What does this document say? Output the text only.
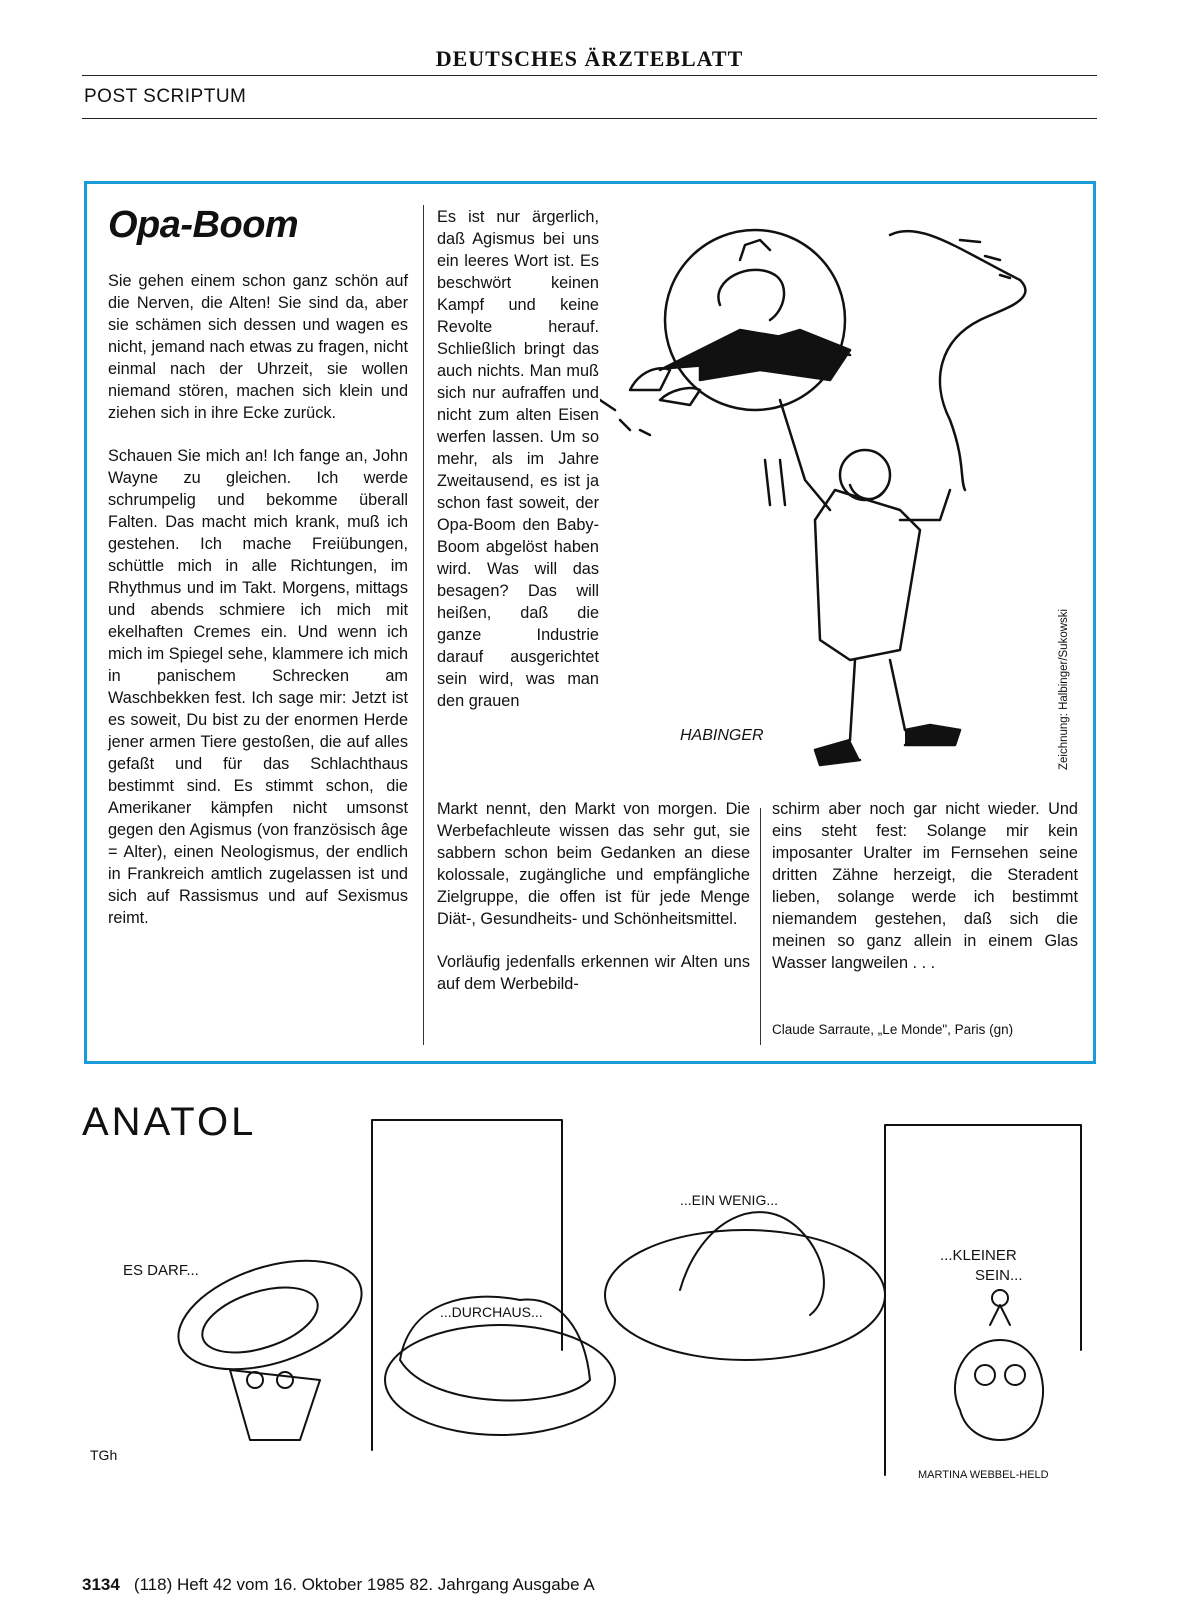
DEUTSCHES ÄRZTEBLATT
POST SCRIPTUM
Opa-Boom

Sie gehen einem schon ganz schön auf die Nerven, die Alten! Sie sind da, aber sie schämen sich dessen und wagen es nicht, jemand nach etwas zu fragen, nicht einmal nach der Uhrzeit, sie wollen niemand stören, machen sich klein und ziehen sich in ihre Ecke zurück.

Schauen Sie mich an! Ich fange an, John Wayne zu gleichen. Ich werde schrumpelig und bekomme überall Falten. Das macht mich krank, muß ich gestehen. Ich mache Freiübungen, schüttle mich in alle Richtungen, im Rhythmus und im Takt. Morgens, mittags und abends schmiere ich mich mit ekelhaften Cremes ein. Und wenn ich mich im Spiegel sehe, klammere ich mich in panischem Schrecken am Waschbekken fest. Ich sage mir: Jetzt ist es soweit, Du bist zu der enormen Herde jener armen Tiere gestoßen, die auf alles gefaßt und für das Schlachthaus bestimmt sind. Es stimmt schon, die Amerikaner kämpfen nicht umsonst gegen den Agismus (von französisch âge = Alter), einen Neologismus, der endlich in Frankreich amtlich zugelassen ist und sich auf Rassismus und auf Sexismus reimt.

Es ist nur ärgerlich, daß Agismus bei uns ein leeres Wort ist. Es beschwört keinen Kampf und keine Revolte herauf. Schließlich bringt das auch nichts. Man muß sich nur aufraffen und nicht zum alten Eisen werfen lassen. Um so mehr, als im Jahre Zweitausend, es ist ja schon fast soweit, der Opa-Boom den Baby-Boom abgelöst haben wird. Was will das besagen? Das will heißen, daß die ganze Industrie darauf ausgerichtet sein wird, was man den grauen

Markt nennt, den Markt von morgen. Die Werbefachleute wissen das sehr gut, sie sabbern schon beim Gedanken an diese kolossale, zugängliche und empfängliche Zielgruppe, die offen ist für jede Menge Diät-, Gesundheits- und Schönheitsmittel.

Vorläufig jedenfalls erkennen wir Alten uns auf dem Werbebild-

schirm aber noch gar nicht wieder. Und eins steht fest: Solange mir kein imposanter Uralter im Fernsehen seine dritten Zähne herzeigt, die Steradent lieben, solange werde ich bestimmt niemandem gestehen, daß sich die meinen so ganz allein in einem Glas Wasser langweilen . . .

Claude Sarraute, „Le Monde", Paris (gn)
HABINGER	Zeichnung: Halbinger/Sukowski
ANATOL
ES DARF...
...DURCHAUS...
...EIN WENIG...
...KLEINER
SEIN...
TGh
MARTINA WEBBEL-HELD
3134 (118) Heft 42 vom 16. Oktober 1985 82. Jahrgang Ausgabe A
